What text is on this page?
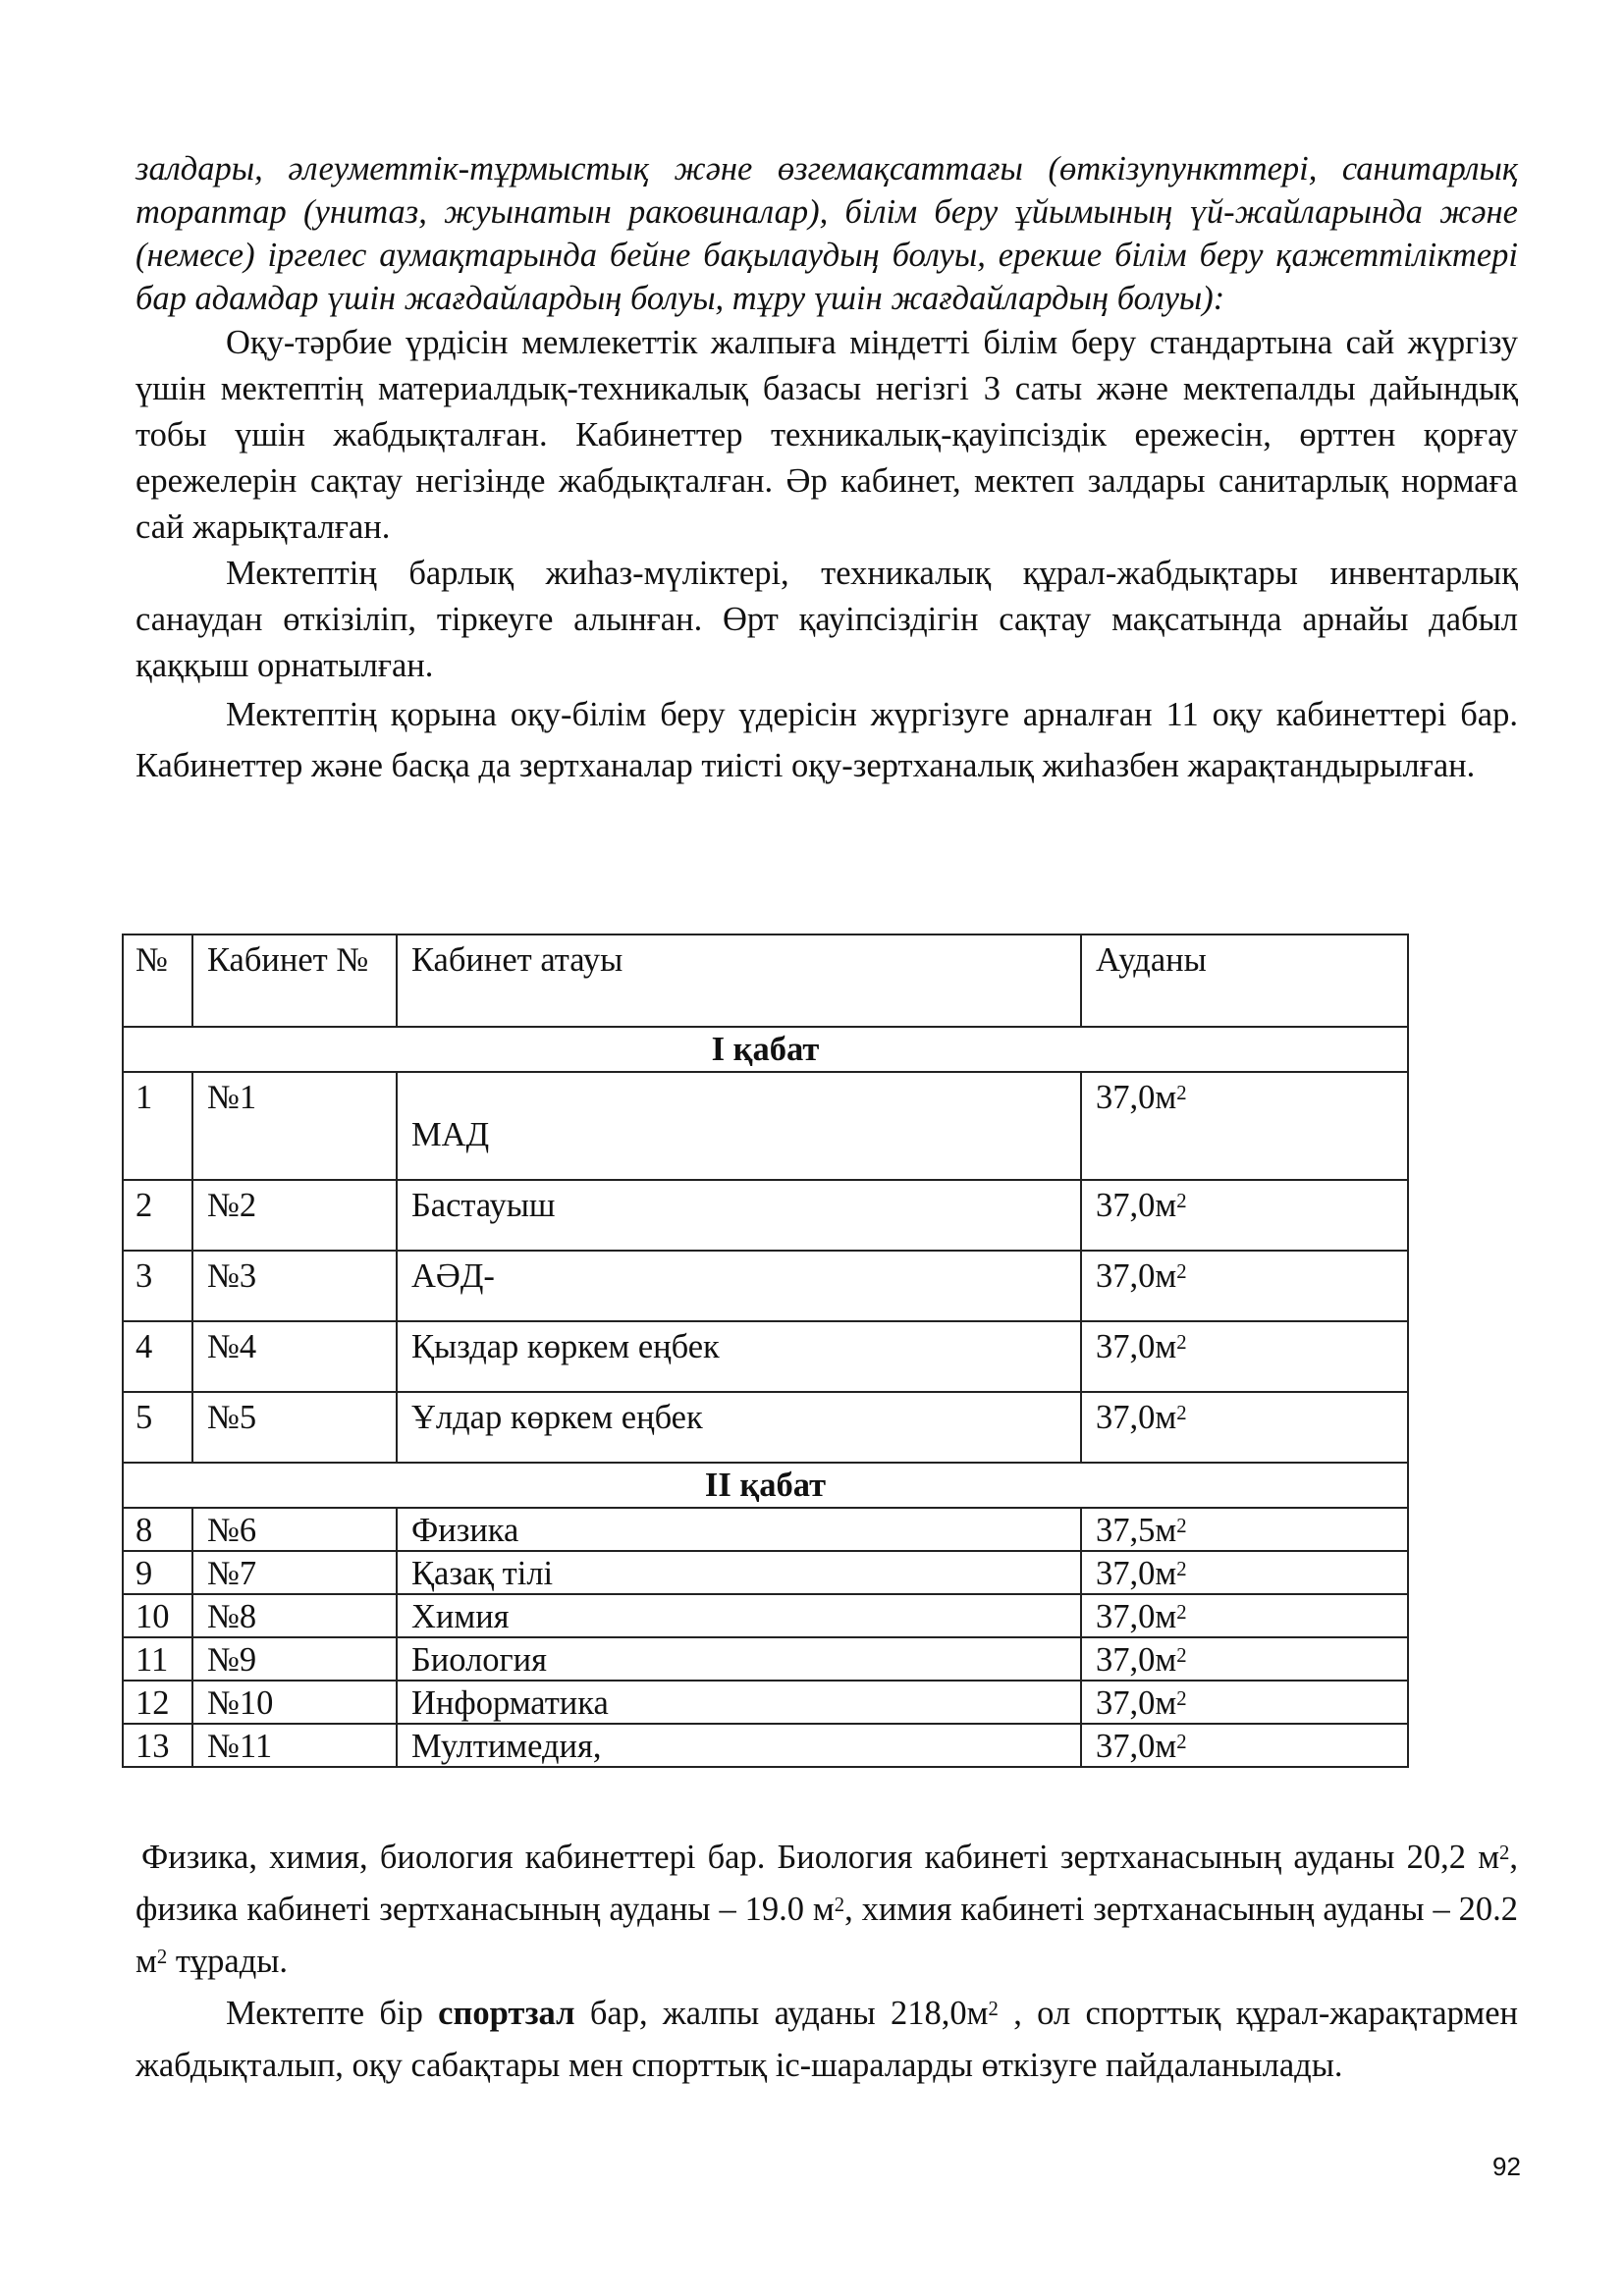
залдары, әлеуметтік-тұрмыстық және өзгемақсаттағы (өткізупункттері, санитарлық тораптар (унитаз, жуынатын раковиналар), білім беру ұйымының үй-жайларында және (немесе) іргелес аумақтарында бейне бақылаудың болуы, ерекше білім беру қажеттіліктері бар адамдар үшін жағдайлардың болуы, тұру үшін жағдайлардың болуы):

Оқу-тәрбие үрдісін мемлекеттік жалпыға міндетті білім беру стандартына сай жүргізу үшін мектептің материалдық-техникалық базасы негізгі 3 саты және мектепалды дайындық тобы үшін жабдықталған. Кабинеттер техникалық-қауіпсіздік ережесін, өрттен қорғау ережелерін сақтау негізінде жабдықталған. Әр кабинет, мектеп залдары санитарлық нормаға сай жарықталған.

Мектептің барлық жиһаз-мүліктері, техникалық құрал-жабдықтары инвентарлық санаудан өткізіліп, тіркеуге алынған. Өрт қауіпсіздігін сақтау мақсатында арнайы дабыл қаққыш орнатылған.

Мектептің қорына оқу-білім беру үдерісін жүргізуге арналған 11 оқу кабинеттері бар. Кабинеттер және басқа да зертханалар тиісті оқу-зертханалық жиһазбен жарақтандырылған.

№	Кабинет №	Кабинет атауы	Ауданы
I қабат			
1	№1	МАД	$37,0м^2$
2	№2	Бастауыш	$37,0м^2$
3	№3	АӘД-	$37,0м^2$
4	№4	Қыздар көркем еңбек	$37,0м^2$
5	№5	Ұлдар көркем еңбек	$37,0м^2$
II қабат			
8	№6	Физика	$37,5м^2$
9	№7	Қазақ тілі	$37,0м^2$
10	№8	Химия	$37,0м^2$
11	№9	Биология	$37,0м^2$
12	№10	Информатика	$37,0м^2$
13	№11	Мултимедия,	$37,0м^2$

Физика, химия, биология кабинеттері бар. Биология кабинеті зертханасының ауданы 20,2 $м^2$, физика кабинеті зертханасының ауданы – 19.0 $м^2$, химия кабинеті зертханасының ауданы – 20.2 $м^2$ тұрады.

Мектепте бір спортзал бар, жалпы ауданы $218,0м^2$ , ол спорттық құрал-жарақтармен жабдықталып, оқу сабақтары мен спорттық іс-шараларды өткізуге пайдаланылады.

92
